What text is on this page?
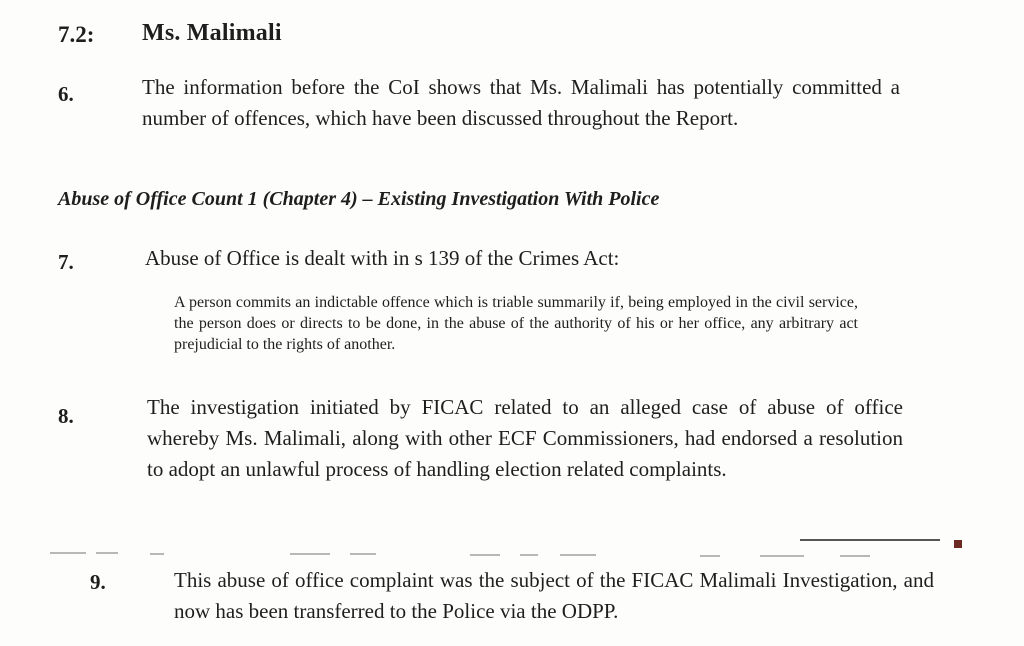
7.2: Ms. Malimali
6.	The information before the CoI shows that Ms. Malimali has potentially committed a number of offences, which have been discussed throughout the Report.
Abuse of Office Count 1 (Chapter 4) – Existing Investigation With Police
7.	Abuse of Office is dealt with in s 139 of the Crimes Act:
A person commits an indictable offence which is triable summarily if, being employed in the civil service, the person does or directs to be done, in the abuse of the authority of his or her office, any arbitrary act prejudicial to the rights of another.
8.	The investigation initiated by FICAC related to an alleged case of abuse of office whereby Ms. Malimali, along with other ECF Commissioners, had endorsed a resolution to adopt an unlawful process of handling election related complaints.
9.	This abuse of office complaint was the subject of the FICAC Malimali Investigation, and now has been transferred to the Police via the ODPP.
